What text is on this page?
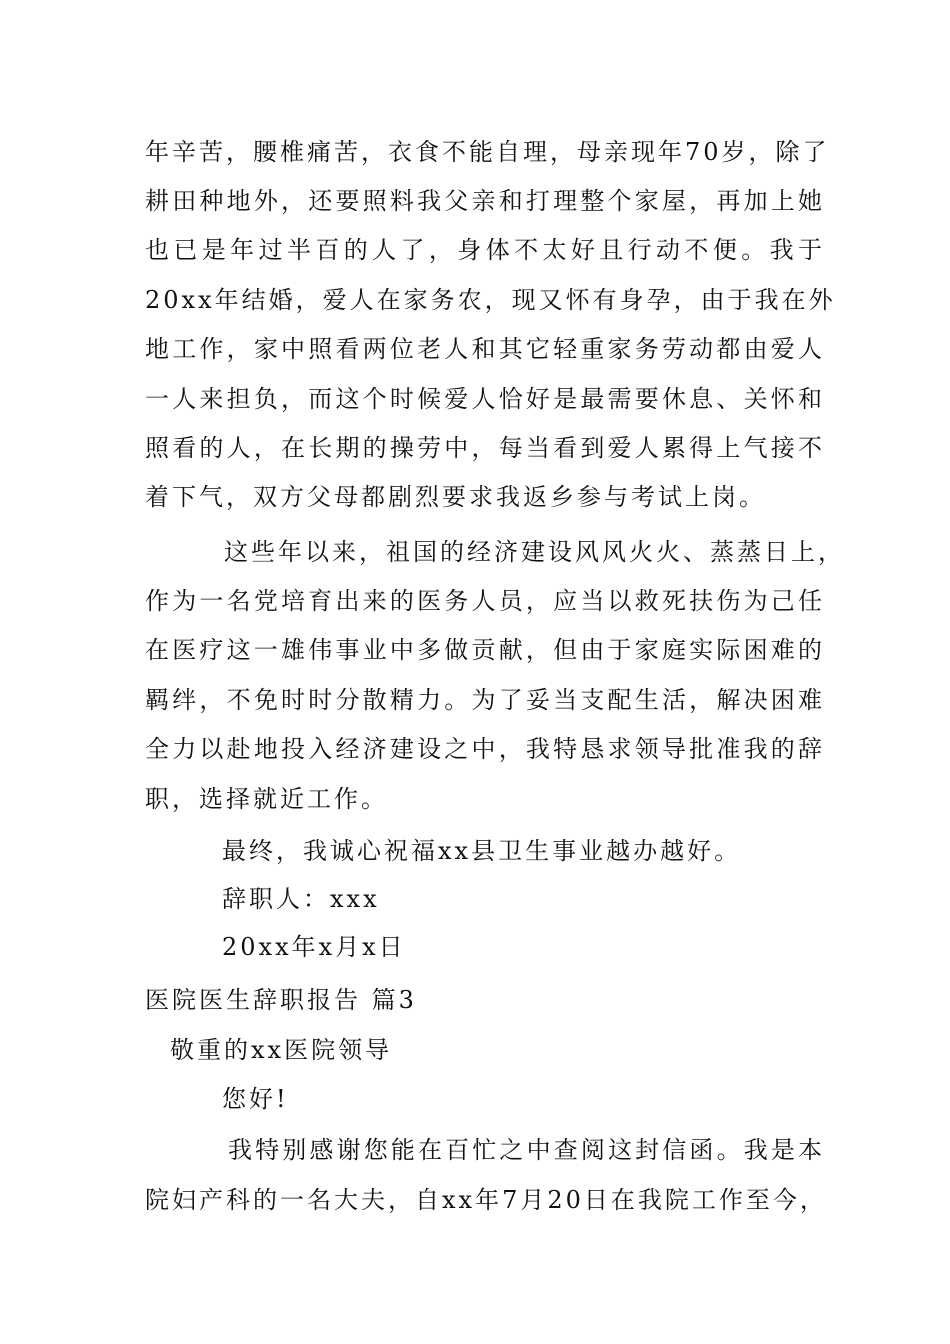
年辛苦，腰椎痛苦，衣食不能自理，母亲现年70岁，除了

耕田种地外，还要照料我父亲和打理整个家屋，再加上她

也已是年过半百的人了，身体不太好且行动不便。我于

20xx年结婚，爱人在家务农，现又怀有身孕，由于我在外

地工作，家中照看两位老人和其它轻重家务劳动都由爱人

一人来担负，而这个时候爱人恰好是最需要休息、关怀和

照看的人，在长期的操劳中，每当看到爱人累得上气接不

着下气，双方父母都剧烈要求我返乡参与考试上岗。

这些年以来，祖国的经济建设风风火火、蒸蒸日上，

作为一名党培育出来的医务人员，应当以救死扶伤为己任

在医疗这一雄伟事业中多做贡献，但由于家庭实际困难的

羁绊，不免时时分散精力。为了妥当支配生活，解决困难

全力以赴地投入经济建设之中，我特恳求领导批准我的辞

职，选择就近工作。

最终，我诚心祝福xx县卫生事业越办越好。

辞职人：xxx

20xx年x月x日

医院医生辞职报告 篇3

敬重的xx医院领导

您好!

我特别感谢您能在百忙之中查阅这封信函。我是本

院妇产科的一名大夫，自xx年7月20日在我院工作至今，
